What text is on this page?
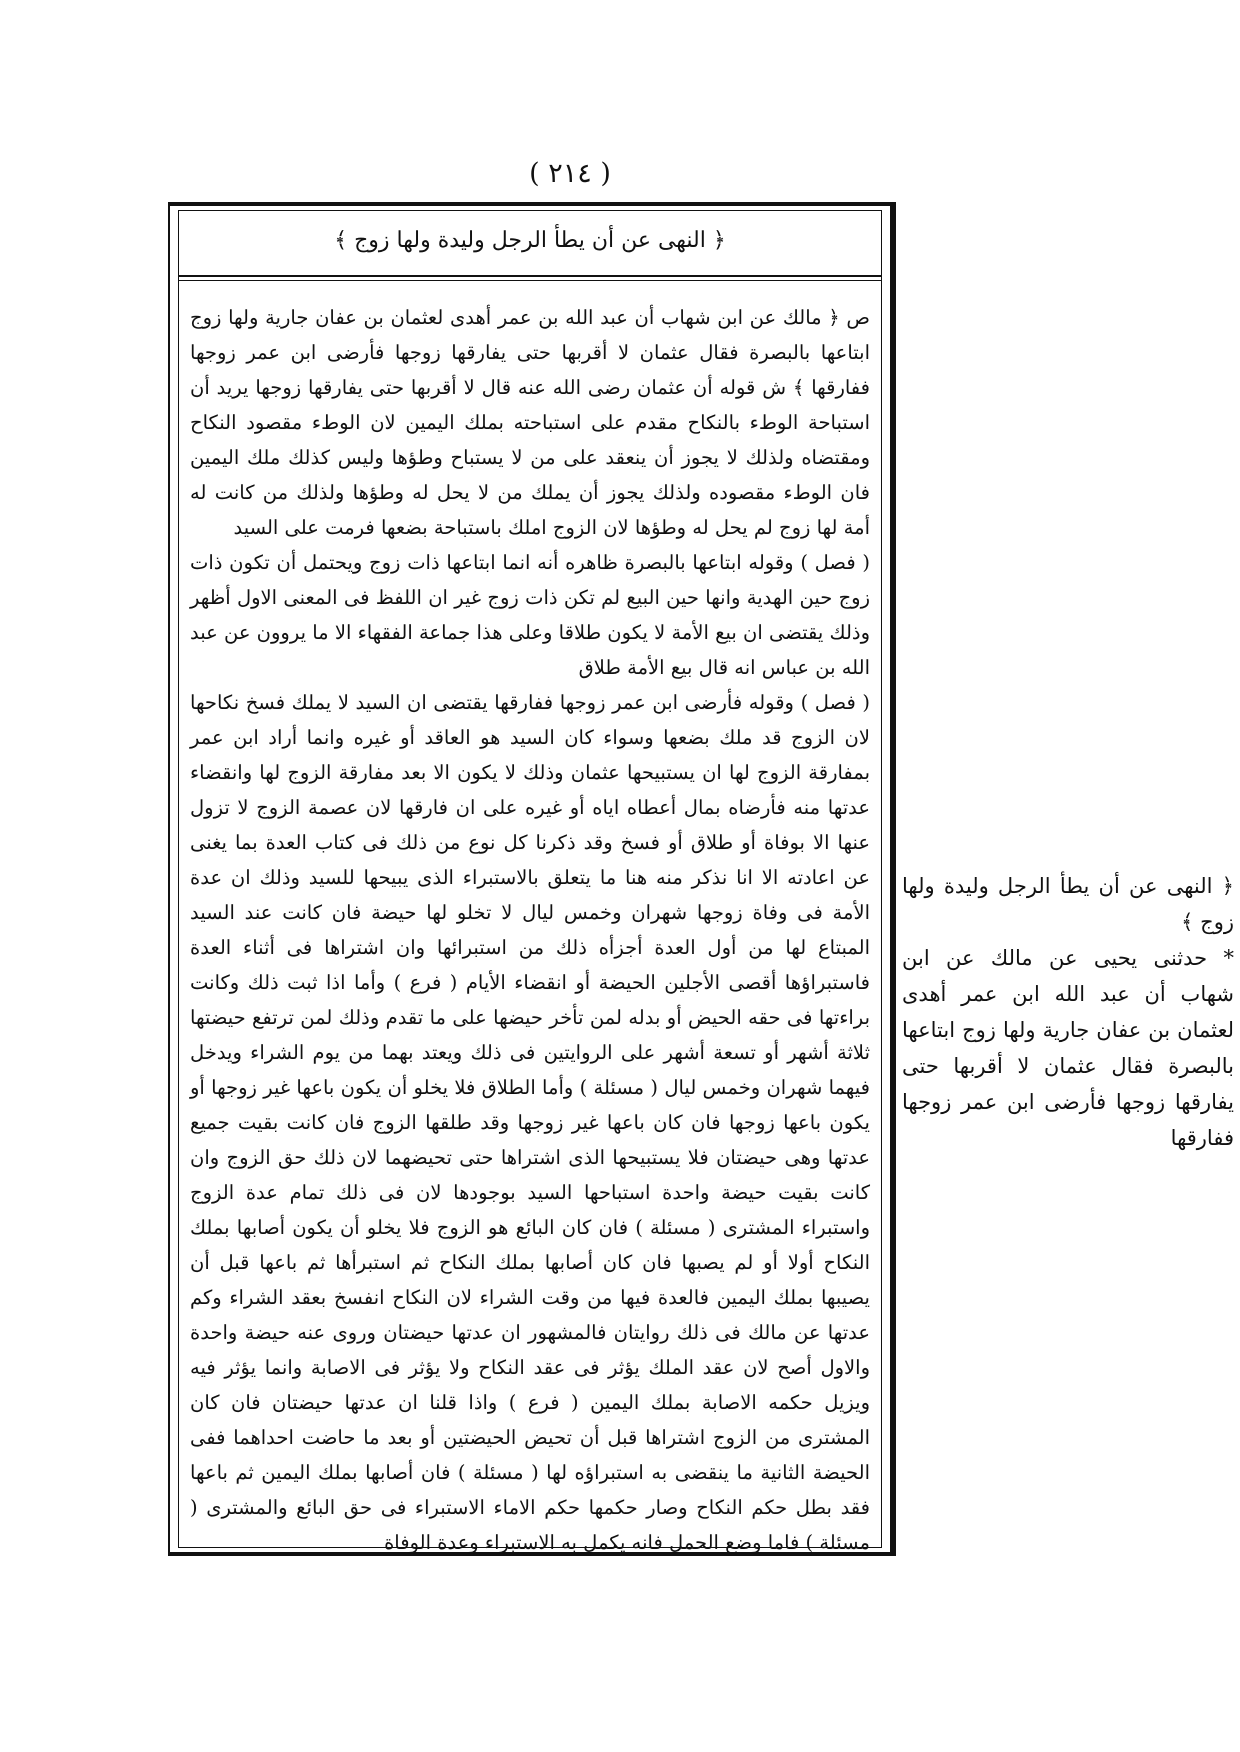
( ٢١٤ )
﴿ النهى عن أن يطأ الرجل وليدة ولها زوج ﴾

ص ﴿ مالك عن ابن شهاب أن عبد الله بن عمر أهدى لعثمان بن عفان جارية ولها زوج ابتاعها بالبصرة فقال عثمان لا أقربها حتى يفارقها زوجها فأرضى ابن عمر زوجها ففارقها ﴾ ش قوله أن عثمان رضى الله عنه قال لا أقربها حتى يفارقها زوجها يريد أن استباحة الوطء بالنكاح مقدم على استباحته بملك اليمين لان الوطء مقصود النكاح ومقتضاه ولذلك لا يجوز أن ينعقد على من لا يستباح وطؤها وليس كذلك ملك اليمين فان الوطء مقصوده ولذلك يجوز أن يملك من لا يحل له وطؤها ولذلك من كانت له أمة لها زوج لم يحل له وطؤها لان الزوج املك باستباحة بضعها فرمت على السيد

( فصل ) وقوله ابتاعها بالبصرة ظاهره أنه انما ابتاعها ذات زوج ويحتمل أن تكون ذات زوج حين الهدية وانها حين البيع لم تكن ذات زوج غير ان اللفظ فى المعنى الاول أظهر وذلك يقتضى ان بيع الأمة لا يكون طلاقا وعلى هذا جماعة الفقهاء الا ما يروون عن عبد الله بن عباس انه قال بيع الأمة طلاق

( فصل ) وقوله فأرضى ابن عمر زوجها ففارقها يقتضى ان السيد لا يملك فسخ نكاحها لان الزوج قد ملك بضعها وسواء كان السيد هو العاقد أو غيره وانما أراد ابن عمر بمفارقة الزوج لها ان يستبيحها عثمان وذلك لا يكون الا بعد مفارقة الزوج لها وانقضاء عدتها منه فأرضاه بمال أعطاه اياه أو غيره على ان فارقها لان عصمة الزوج لا تزول عنها الا بوفاة أو طلاق أو فسخ وقد ذكرنا كل نوع من ذلك فى كتاب العدة بما يغنى عن اعادته الا انا نذكر منه هنا ما يتعلق بالاستبراء الذى يبيحها للسيد وذلك ان عدة الأمة فى وفاة زوجها شهران وخمس ليال لا تخلو لها حيضة فان كانت عند السيد المبتاع لها من أول العدة أجزأه ذلك من استبرائها وان اشتراها فى أثناء العدة فاستبراؤها أقصى الأجلين الحيضة أو انقضاء الأيام ( فرع ) وأما اذا ثبت ذلك وكانت براءتها فى حقه الحيض أو بدله لمن تأخر حيضها على ما تقدم وذلك لمن ترتفع حيضتها ثلاثة أشهر أو تسعة أشهر على الروايتين فى ذلك ويعتد بهما من يوم الشراء ويدخل فيهما شهران وخمس ليال ( مسئلة ) وأما الطلاق فلا يخلو أن يكون باعها غير زوجها أو يكون باعها زوجها فان كان باعها غير زوجها وقد طلقها الزوج فان كانت بقيت جميع عدتها وهى حيضتان فلا يستبيحها الذى اشتراها حتى تحيضهما لان ذلك حق الزوج وان كانت بقيت حيضة واحدة استباحها السيد بوجودها لان فى ذلك تمام عدة الزوج واستبراء المشترى ( مسئلة ) فان كان البائع هو الزوج فلا يخلو أن يكون أصابها بملك النكاح أولا أو لم يصبها فان كان أصابها بملك النكاح ثم استبرأها ثم باعها قبل أن يصيبها بملك اليمين فالعدة فيها من وقت الشراء لان النكاح انفسخ بعقد الشراء وكم عدتها عن مالك فى ذلك روايتان فالمشهور ان عدتها حيضتان وروى عنه حيضة واحدة والاول أصح لان عقد الملك يؤثر فى عقد النكاح ولا يؤثر فى الاصابة وانما يؤثر فيه ويزيل حكمه الاصابة بملك اليمين ( فرع ) واذا قلنا ان عدتها حيضتان فان كان المشترى من الزوج اشتراها قبل أن تحيض الحيضتين أو بعد ما حاضت احداهما ففى الحيضة الثانية ما ينقضى به استبراؤه لها ( مسئلة ) فان أصابها بملك اليمين ثم باعها فقد بطل حكم النكاح وصار حكمها حكم الاماء الاستبراء فى حق البائع والمشترى ( مسئلة ) فاما وضع الحمل فانه يكمل به الاستبراء وعدة الوفاة

﴿ النهى عن أن يطأ الرجل وليدة ولها زوج ﴾

* حدثنى يحيى عن مالك عن ابن شهاب أن عبد الله ابن عمر أهدى لعثمان بن عفان جارية ولها زوج ابتاعها بالبصرة فقال عثمان لا أقربها حتى يفارقها زوجها فأرضى ابن عمر زوجها ففارقها
